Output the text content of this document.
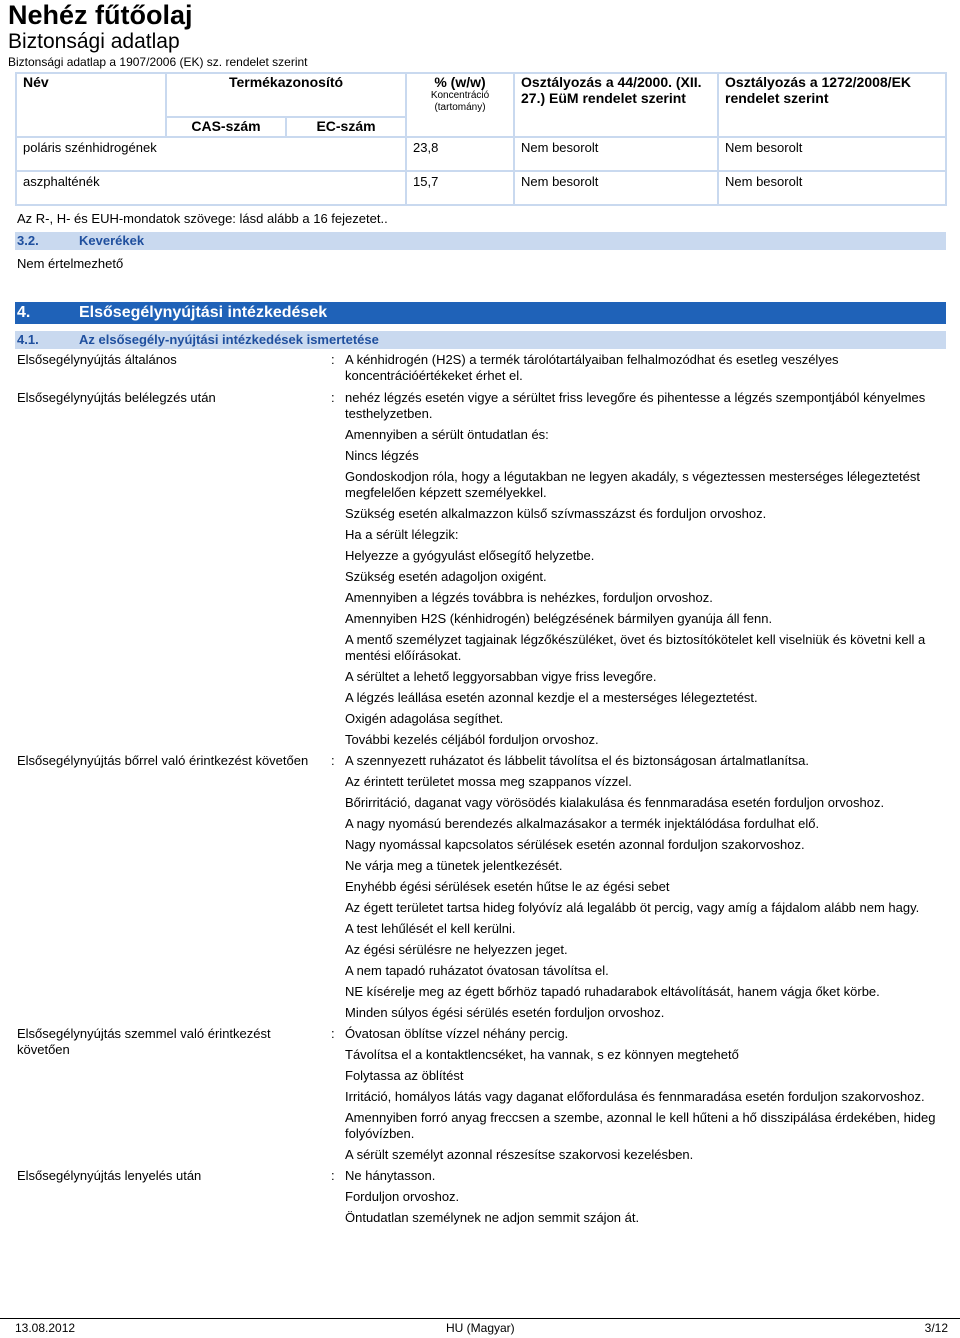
Nehéz fűtőolaj
Biztonsági adatlap
Biztonsági adatlap a 1907/2006 (EK) sz. rendelet szerint
Név	Termékazonosító		% (w/w)
Koncentráció
(tartomány)	Osztályozás a 44/2000. (XII. 27.) EüM rendelet szerint	Osztályozás a 1272/2008/EK rendelet szerint
	CAS-szám	EC-szám			

poláris szénhidrogének			23,8	Nem besorolt	Nem besorolt

aszphalténék			15,7	Nem besorolt	Nem besorolt
Az R-, H- és EUH-mondatok szövege: lásd alább a 16 fejezetet..
3.2.	Keverékek
Nem értelmezhető
4.	Elsősegélynyújtási intézkedések
4.1.	Az elsősegély-nyújtási intézkedések ismertetése
Elsősegélynyújtás általános	: A kénhidrogén (H2S) a termék tárolótartályaiban felhalmozódhat és esetleg veszélyes koncentrációértékeket érhet el.
Elsősegélynyújtás belélegzés után	: nehéz légzés esetén vigye a sérültet friss levegőre és pihentesse a légzés szempontjából kényelmes testhelyzetben.
Amennyiben a sérült öntudatlan és:
Nincs légzés
Gondoskodjon róla, hogy a légutakban ne legyen akadály, s végeztessen mesterséges lélegeztetést megfelelően képzett személyekkel.
Szükség esetén alkalmazzon külső szívmasszázst és forduljon orvoshoz.
Ha a sérült lélegzik:
Helyezze a gyógyulást elősegítő helyzetbe.
Szükség esetén adagoljon oxigént.
Amennyiben a légzés továbbra is nehézkes, forduljon orvoshoz.
Amennyiben H2S (kénhidrogén) belégzésének bármilyen gyanúja áll fenn.
A mentő személyzet tagjainak légzőkészüléket, övet és biztosítókötelet kell viselniük és követni kell a mentési előírásokat.
A sérültet a lehető leggyorsabban vigye friss levegőre.
A légzés leállása esetén azonnal kezdje el a mesterséges lélegeztetést.
Oxigén adagolása segíthet.
További kezelés céljából forduljon orvoshoz.
Elsősegélynyújtás bőrrel való érintkezést követően	: A szennyezett ruházatot és lábbelit távolítsa el és biztonságosan ártalmatlanítsa.
Az érintett területet mossa meg szappanos vízzel.
Bőrirritáció, daganat vagy vörösödés kialakulása és fennmaradása esetén forduljon orvoshoz.
A nagy nyomású berendezés alkalmazásakor a termék injektálódása fordulhat elő.
Nagy nyomással kapcsolatos sérülések esetén azonnal forduljon szakorvoshoz.
Ne várja meg a tünetek jelentkezését.
Enyhébb égési sérülések esetén hűtse le az égési sebet
Az égett területet tartsa hideg folyóvíz alá legalább öt percig, vagy amíg a fájdalom alább nem hagy.
A test lehűlését el kell kerülni.
Az égési sérülésre ne helyezzen jeget.
A nem tapadó ruházatot óvatosan távolítsa el.
NE kísérelje meg az égett bőrhöz tapadó ruhadarabok eltávolítását, hanem vágja őket körbe.
Minden súlyos égési sérülés esetén forduljon orvoshoz.
Elsősegélynyújtás szemmel való érintkezést követően
: Óvatosan öblítse vízzel néhány percig.
Távolítsa el a kontaktlencséket, ha vannak, s ez könnyen megtehető
Folytassa az öblítést
Irritáció, homályos látás vagy daganat előfordulása és fennmaradása esetén forduljon szakorvoshoz.
Amennyiben forró anyag freccsen a szembe, azonnal le kell hűteni a hő disszipálása érdekében, hideg folyóvízben.
A sérült személyt azonnal részesítse szakorvosi kezelésben.
Elsősegélynyújtás lenyelés után	: Ne hánytasson.
Forduljon orvoshoz.
Öntudatlan személynek ne adjon semmit szájon át.
13.08.2012	HU (Magyar)	3/12
